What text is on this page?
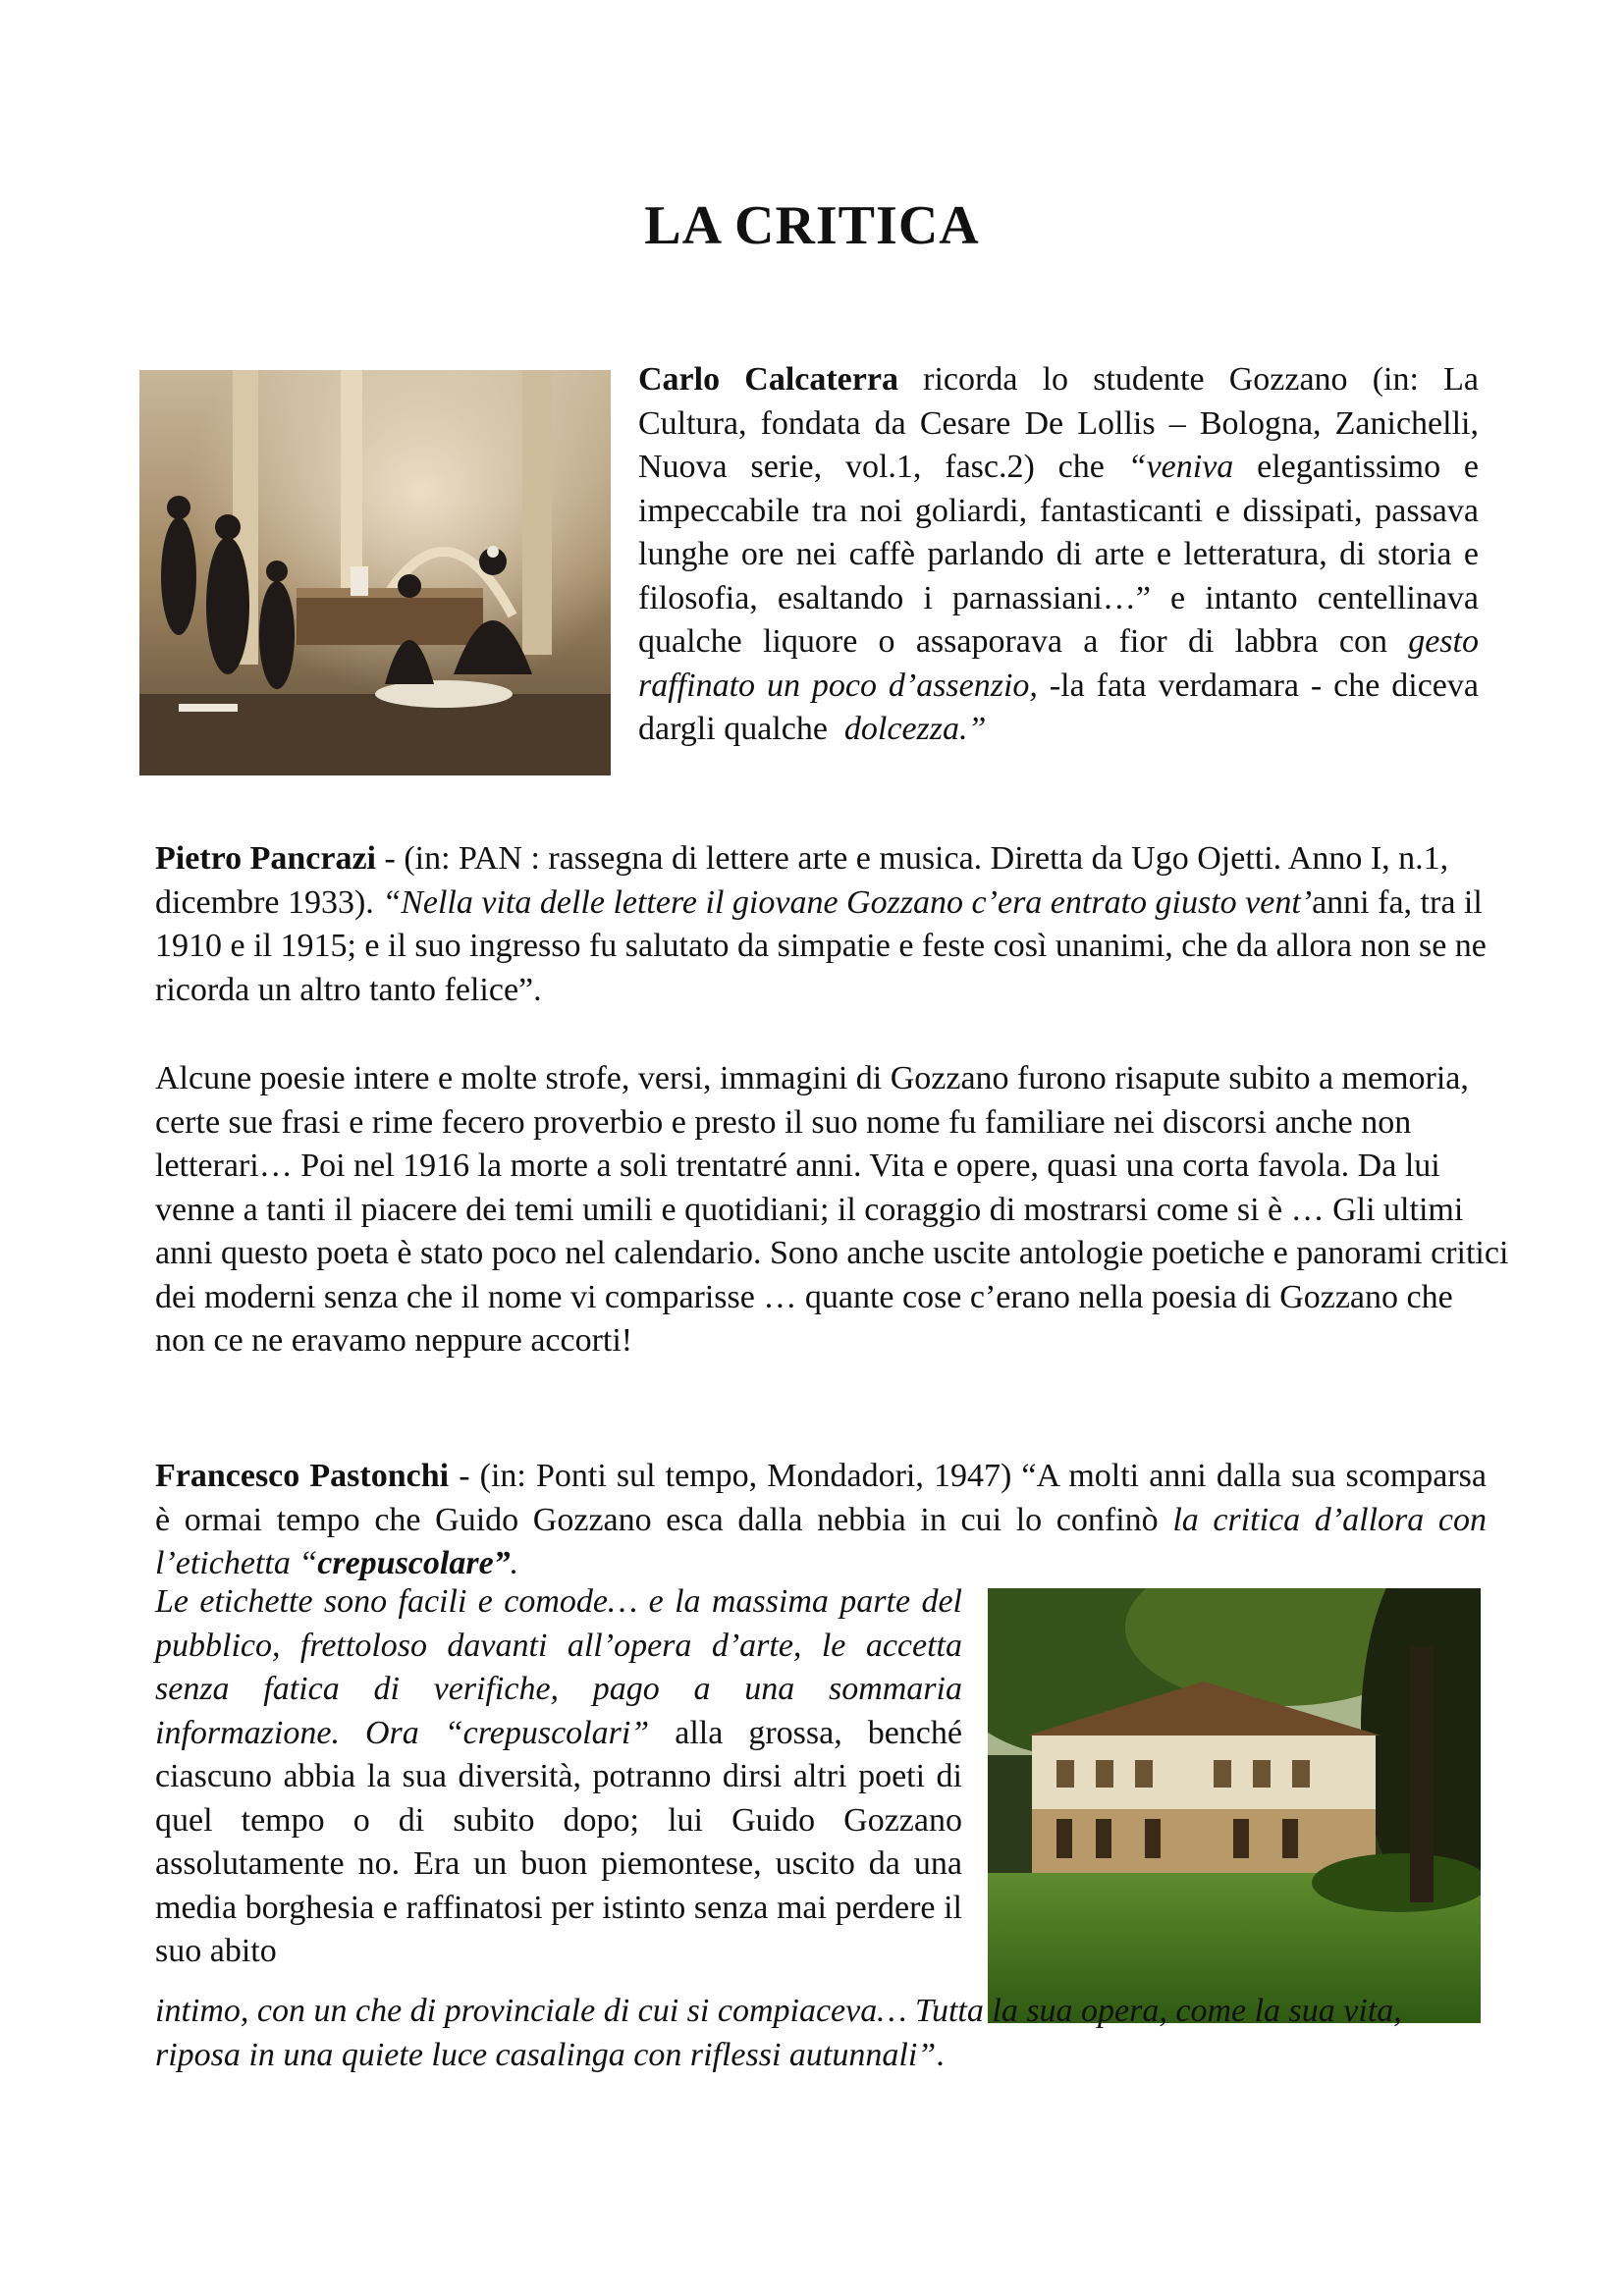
LA CRITICA

Carlo Calcaterra ricorda lo studente Gozzano (in: La Cultura, fondata da Cesare De Lollis – Bologna, Zanichelli, Nuova serie, vol.1, fasc.2) che “veniva elegantissimo e impeccabile tra noi goliardi, fantasticanti e dissipati, passava lunghe ore nei caffè parlando di arte e letteratura, di storia e filosofia, esaltando i parnassiani…” e intanto centellinava qualche liquore o assaporava a fior di labbra con gesto raffinato un poco d’assenzio, -la fata verdamara - che diceva dargli qualche  dolcezza.”

Pietro Pancrazi - (in: PAN : rassegna di lettere arte e musica. Diretta da Ugo Ojetti. Anno I, n.1, dicembre 1933). “Nella vita delle lettere il giovane Gozzano c’era entrato giusto vent’anni fa, tra il 1910 e il 1915; e il suo ingresso fu salutato da simpatie e feste così unanimi, che da allora non se ne ricorda un altro tanto felice”.

Alcune poesie intere e molte strofe, versi, immagini di Gozzano furono risapute subito a memoria, certe sue frasi e rime fecero proverbio e presto il suo nome fu familiare nei discorsi anche non letterari… Poi nel 1916 la morte a soli trentatré anni. Vita e opere, quasi una corta favola. Da lui venne a tanti il piacere dei temi umili e quotidiani; il coraggio di mostrarsi come si è … Gli ultimi anni questo poeta è stato poco nel calendario. Sono anche uscite antologie poetiche e panorami critici dei moderni senza che il nome vi comparisse … quante cose c’erano nella poesia di Gozzano che non ce ne eravamo neppure accorti!

Francesco Pastonchi - (in: Ponti sul tempo, Mondadori, 1947) “A molti anni dalla sua scomparsa è ormai tempo che Guido Gozzano esca dalla nebbia in cui lo confinò la critica d’allora con l’etichetta “crepuscolare”.

Le etichette sono facili e comode… e la massima parte del pubblico, frettoloso davanti all’opera d’arte, le accetta senza fatica di verifiche, pago a una sommaria informazione. Ora “crepuscolari” alla grossa, benché ciascuno abbia la sua diversità, potranno dirsi altri poeti di quel tempo o di subito dopo; lui Guido Gozzano assolutamente no. Era un buon piemontese, uscito da una media borghesia e raffinatosi per istinto senza mai perdere il suo abito

intimo, con un che di provinciale di cui si compiaceva… Tutta la sua opera, come la sua vita, riposa in una quiete luce casalinga con riflessi autunnali”.
